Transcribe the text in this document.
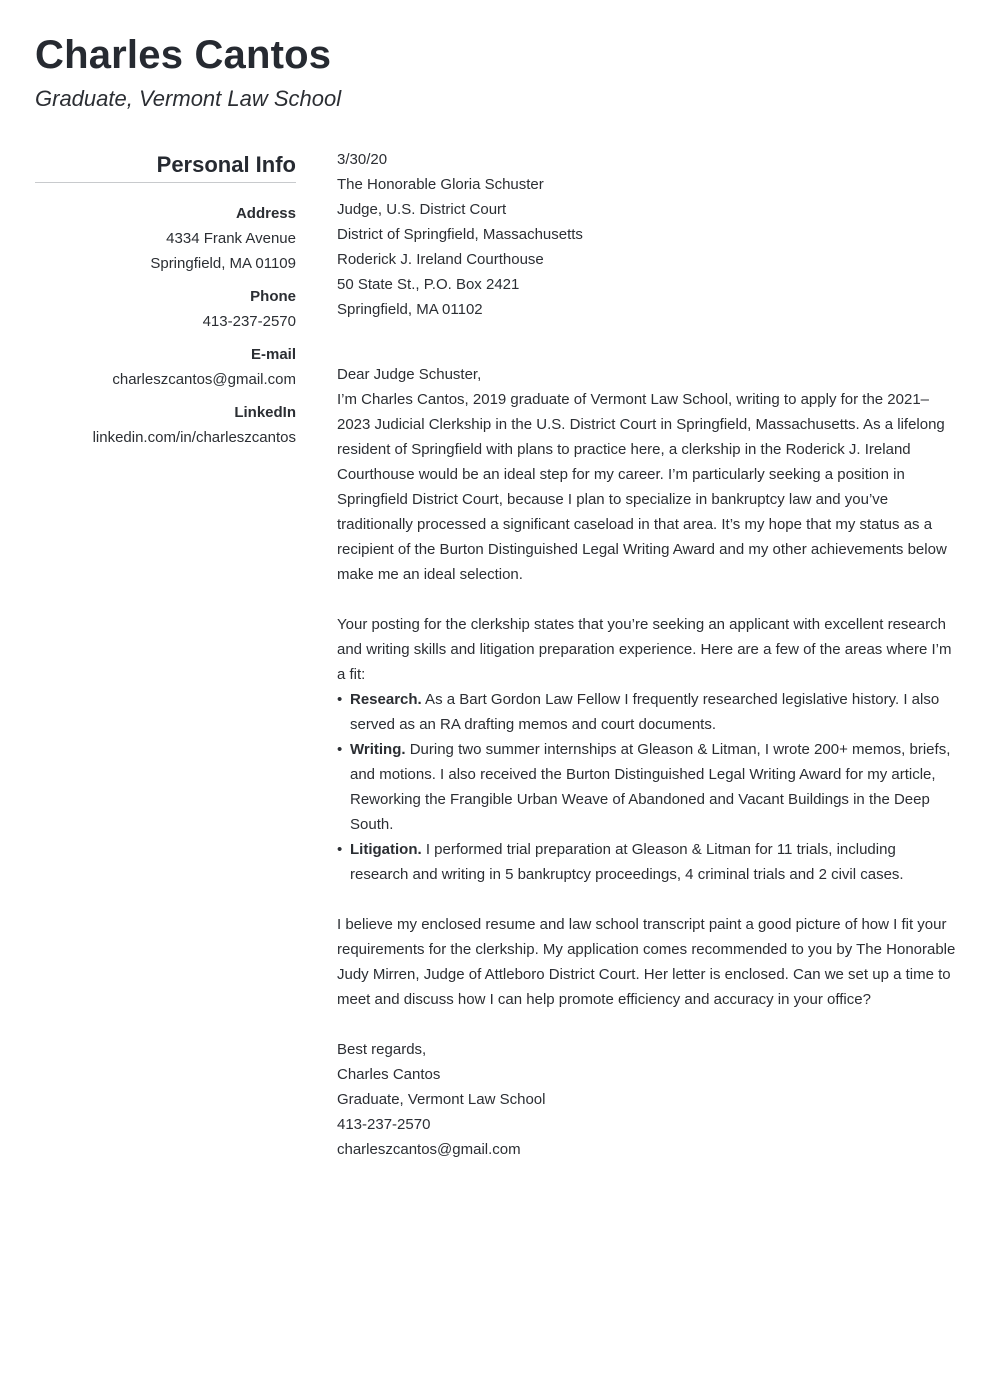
Charles Cantos
Graduate, Vermont Law School
Personal Info
Address
4334 Frank Avenue
Springfield, MA 01109
Phone
413-237-2570
E-mail
charleszcantos@gmail.com
LinkedIn
linkedin.com/in/charleszcantos

3/30/20

The Honorable Gloria Schuster

Judge, U.S. District Court

District of Springfield, Massachusetts

Roderick J. Ireland Courthouse

50 State St., P.O. Box 2421

Springfield, MA 01102

Dear Judge Schuster,

I’m Charles Cantos, 2019 graduate of Vermont Law School, writing to apply for the 2021–2023 Judicial Clerkship in the U.S. District Court in Springfield, Massachusetts. As a lifelong resident of Springfield with plans to practice here, a clerkship in the Roderick J. Ireland Courthouse would be an ideal step for my career. I’m particularly seeking a position in Springfield District Court, because I plan to specialize in bankruptcy law and you’ve traditionally processed a significant caseload in that area. It’s my hope that my status as a recipient of the Burton Distinguished Legal Writing Award and my other achievements below make me an ideal selection.

Your posting for the clerkship states that you’re seeking an applicant with excellent research and writing skills and litigation preparation experience. Here are a few of the areas where I’m a fit:

• Research. As a Bart Gordon Law Fellow I frequently researched legislative history. I also served as an RA drafting memos and court documents.
• Writing. During two summer internships at Gleason & Litman, I wrote 200+ memos, briefs, and motions. I also received the Burton Distinguished Legal Writing Award for my article, Reworking the Frangible Urban Weave of Abandoned and Vacant Buildings in the Deep South.
• Litigation. I performed trial preparation at Gleason & Litman for 11 trials, including research and writing in 5 bankruptcy proceedings, 4 criminal trials and 2 civil cases.

I believe my enclosed resume and law school transcript paint a good picture of how I fit your requirements for the clerkship. My application comes recommended to you by The Honorable Judy Mirren, Judge of Attleboro District Court. Her letter is enclosed. Can we set up a time to meet and discuss how I can help promote efficiency and accuracy in your office?

Best regards,

Charles Cantos

Graduate, Vermont Law School

413-237-2570

charleszcantos@gmail.com
